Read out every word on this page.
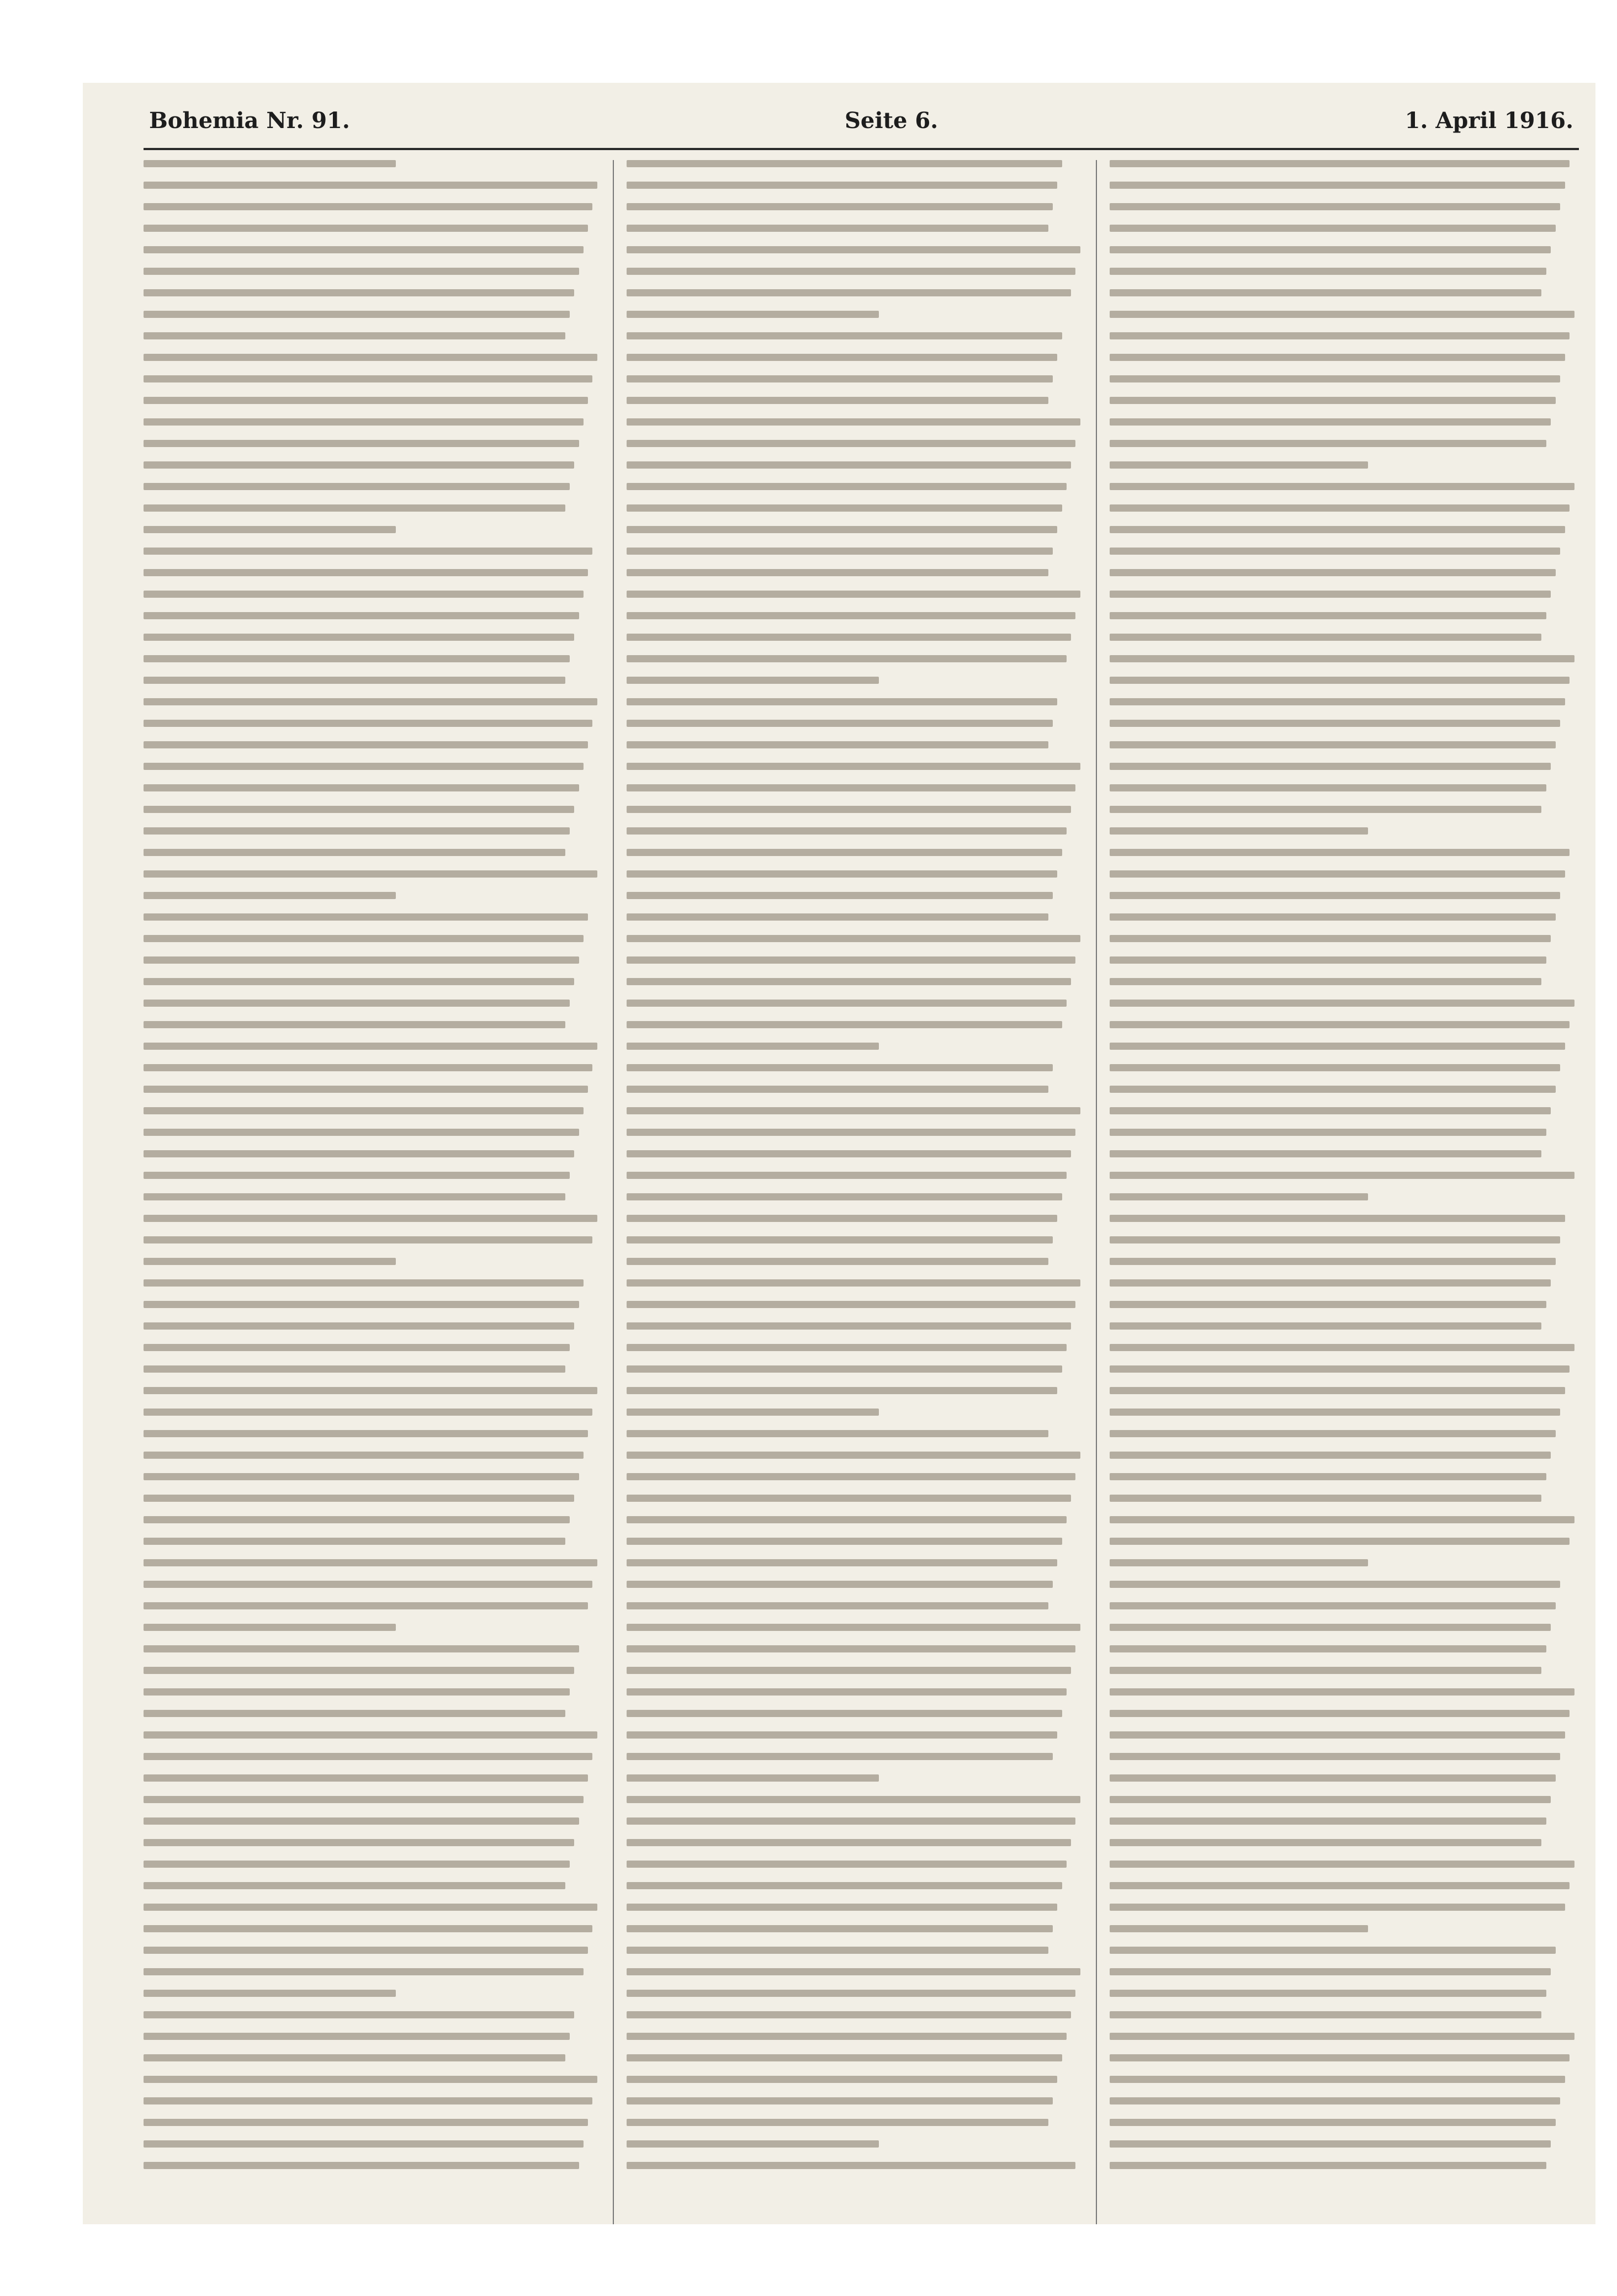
Bohemia Nr. 91.	Seite 6.	1. April 1916.
